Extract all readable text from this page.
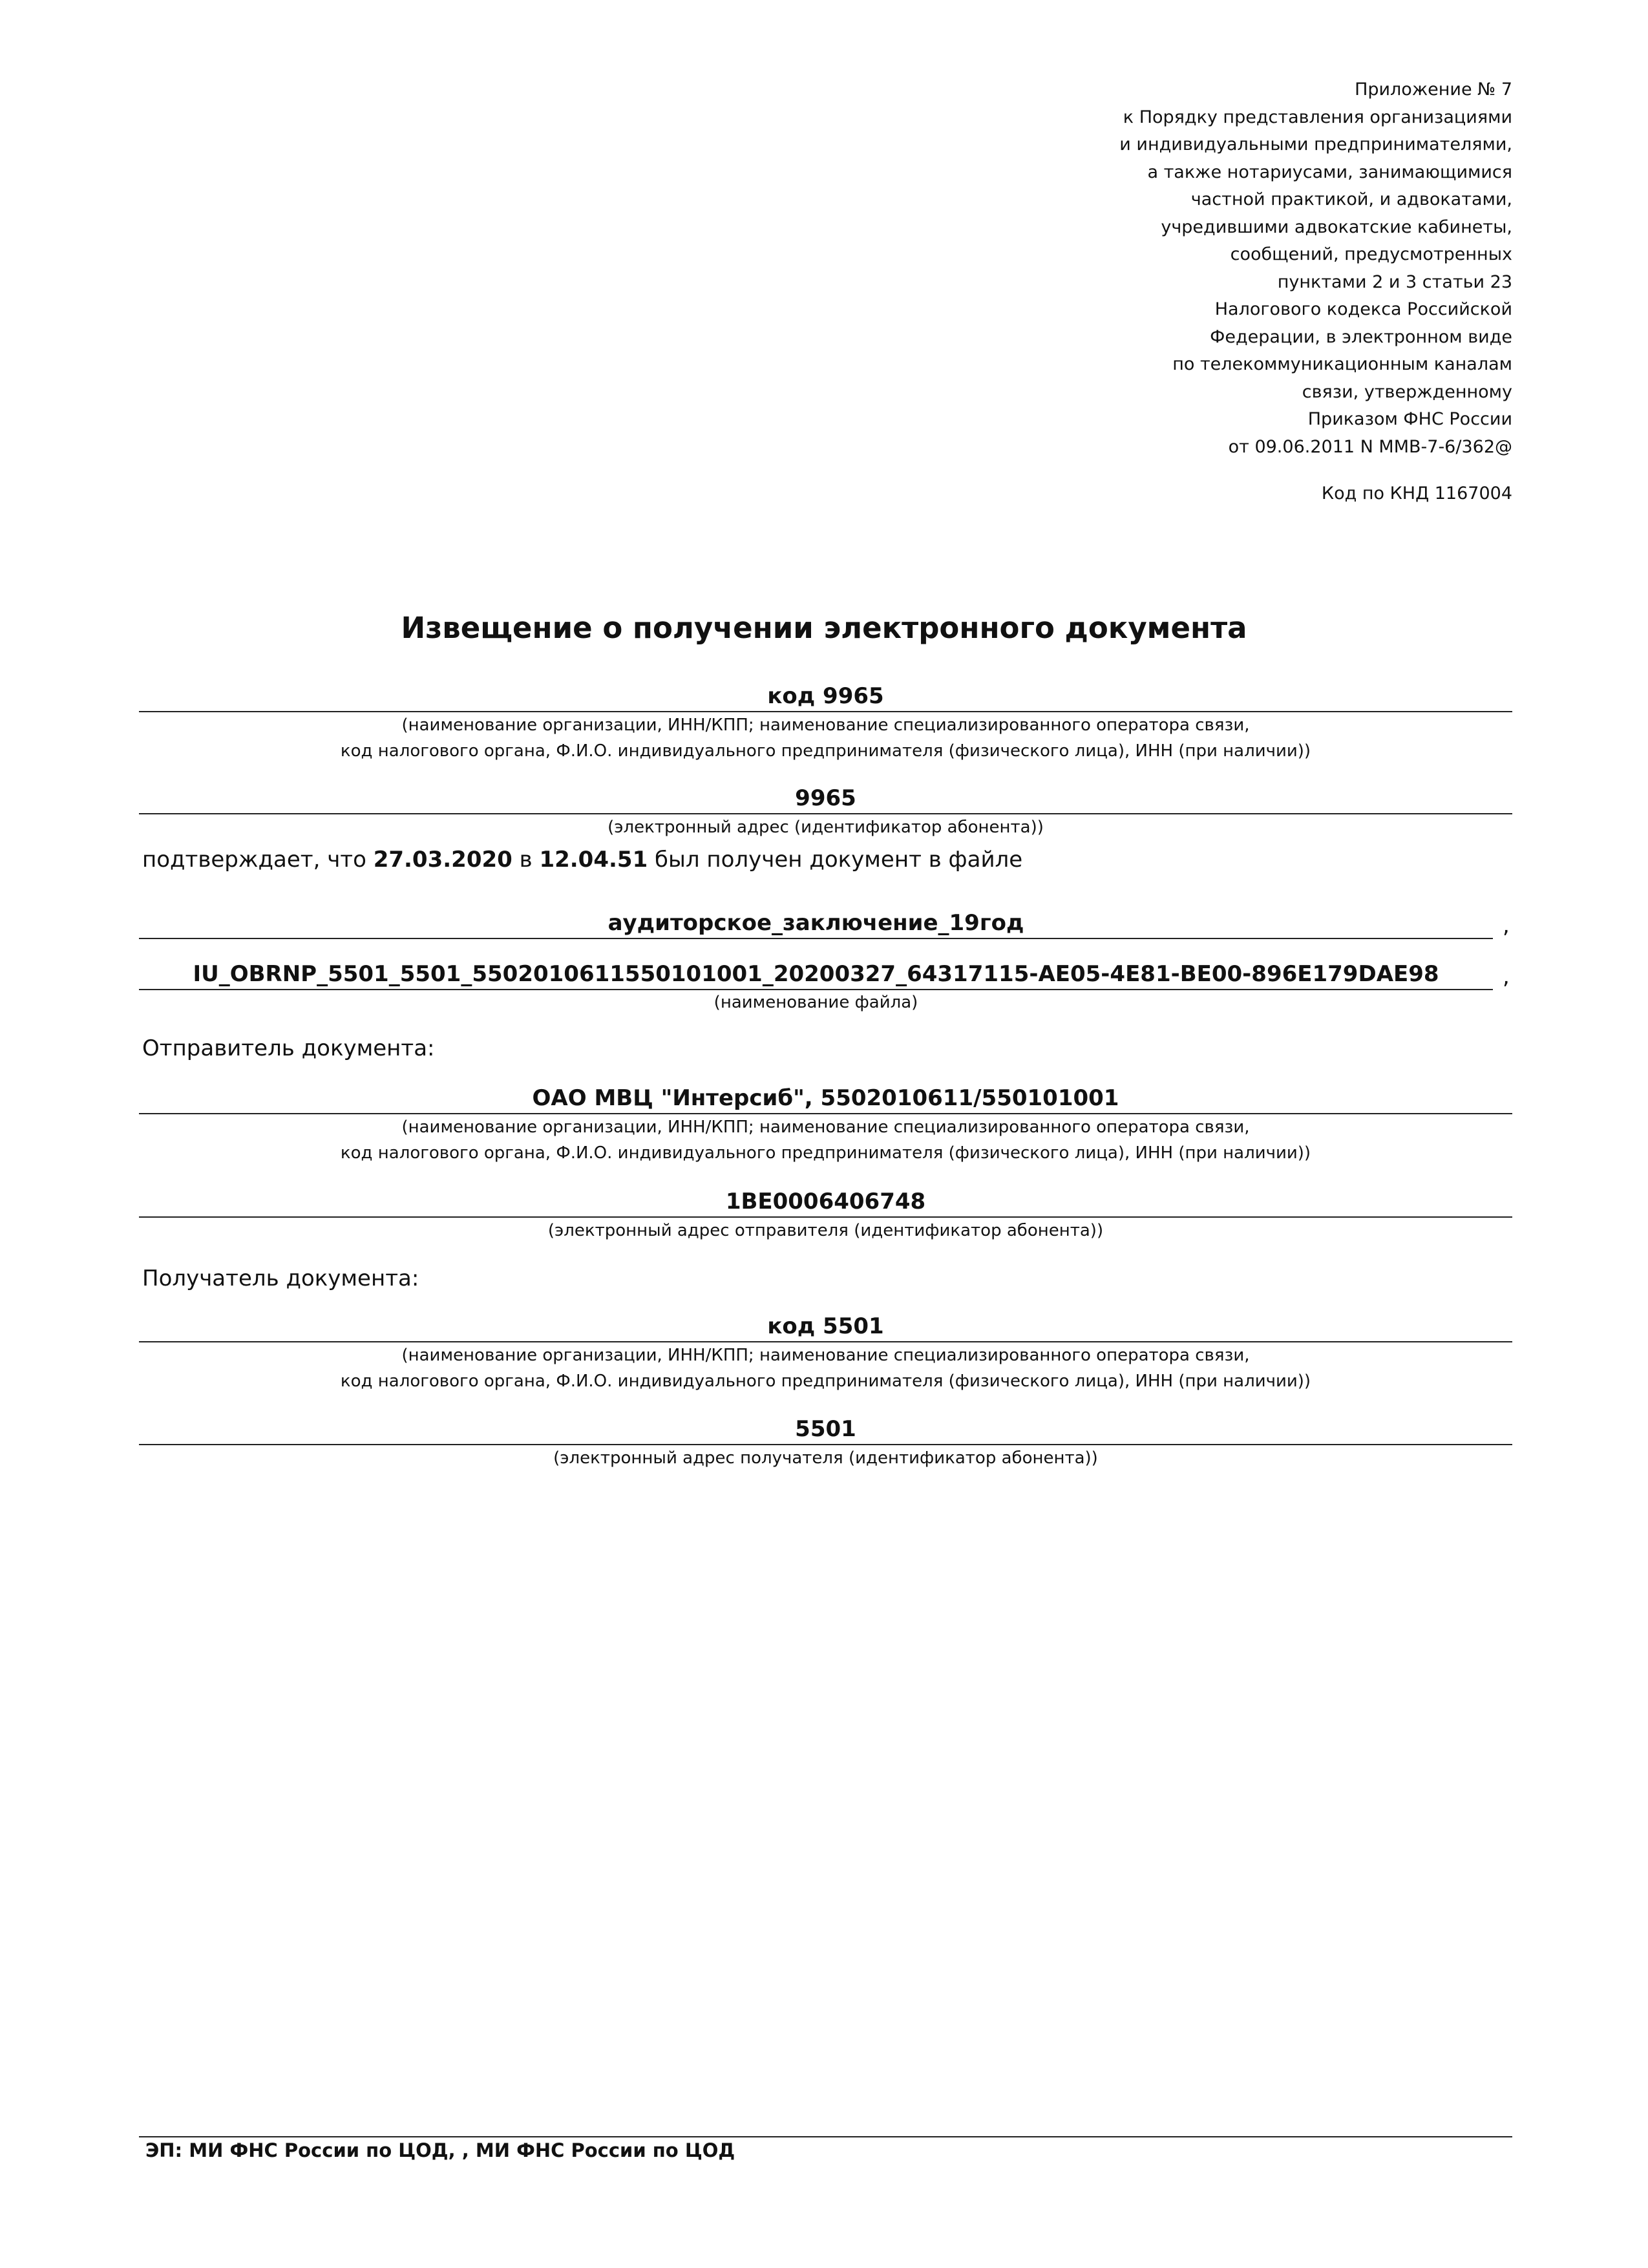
Приложение № 7
к Порядку представления организациями
и индивидуальными предпринимателями,
а также нотариусами, занимающимися
частной практикой, и адвокатами,
учредившими адвокатские кабинеты,
сообщений, предусмотренных
пунктами 2 и 3 статьи 23
Налогового кодекса Российской
Федерации, в электронном виде
по телекоммуникационным каналам
связи, утвержденному
Приказом ФНС России
от 09.06.2011 N ММВ-7-6/362@
Код по КНД 1167004
Извещение о получении электронного документа
код 9965
(наименование организации, ИНН/КПП; наименование специализированного оператора связи,
код налогового органа, Ф.И.О. индивидуального предпринимателя (физического лица), ИНН (при наличии))
9965
(электронный адрес (идентификатор абонента))
подтверждает, что 27.03.2020 в 12.04.51 был получен документ в файле
аудиторское_заключение_19год	,
IU_OBRNP_5501_5501_5502010611550101001_20200327_64317115-AE05-4E81-BE00-896E179DAE98	,
(наименование файла)
Отправитель документа:
ОАО МВЦ "Интерсиб", 5502010611/550101001
(наименование организации, ИНН/КПП; наименование специализированного оператора связи,
код налогового органа, Ф.И.О. индивидуального предпринимателя (физического лица), ИНН (при наличии))
1BE0006406748
(электронный адрес отправителя (идентификатор абонента))
Получатель документа:
код 5501
(наименование организации, ИНН/КПП; наименование специализированного оператора связи,
код налогового органа, Ф.И.О. индивидуального предпринимателя (физического лица), ИНН (при наличии))
5501
(электронный адрес получателя (идентификатор абонента))
ЭП: МИ ФНС России по ЦОД, , МИ ФНС России по ЦОД
